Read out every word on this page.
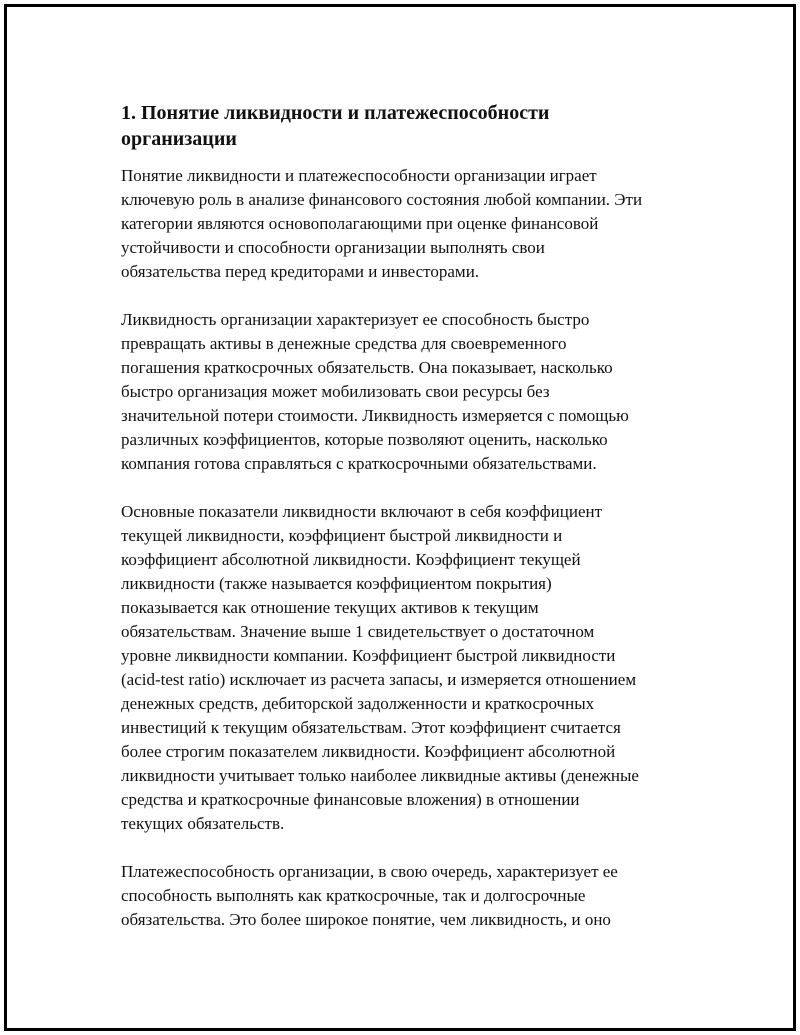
1. Понятие ликвидности и платежеспособности
организации

Понятие ликвидности и платежеспособности организации играет
ключевую роль в анализе финансового состояния любой компании. Эти
категории являются основополагающими при оценке финансовой
устойчивости и способности организации выполнять свои
обязательства перед кредиторами и инвесторами.

Ликвидность организации характеризует ее способность быстро
превращать активы в денежные средства для своевременного
погашения краткосрочных обязательств. Она показывает, насколько
быстро организация может мобилизовать свои ресурсы без
значительной потери стоимости. Ликвидность измеряется с помощью
различных коэффициентов, которые позволяют оценить, насколько
компания готова справляться с краткосрочными обязательствами.

Основные показатели ликвидности включают в себя коэффициент
текущей ликвидности, коэффициент быстрой ликвидности и
коэффициент абсолютной ликвидности. Коэффициент текущей
ликвидности (также называется коэффициентом покрытия)
показывается как отношение текущих активов к текущим
обязательствам. Значение выше 1 свидетельствует о достаточном
уровне ликвидности компании. Коэффициент быстрой ликвидности
(acid-test ratio) исключает из расчета запасы, и измеряется отношением
денежных средств, дебиторской задолженности и краткосрочных
инвестиций к текущим обязательствам. Этот коэффициент считается
более строгим показателем ликвидности. Коэффициент абсолютной
ликвидности учитывает только наиболее ликвидные активы (денежные
средства и краткосрочные финансовые вложения) в отношении
текущих обязательств.

Платежеспособность организации, в свою очередь, характеризует ее
способность выполнять как краткосрочные, так и долгосрочные
обязательства. Это более широкое понятие, чем ликвидность, и оно
